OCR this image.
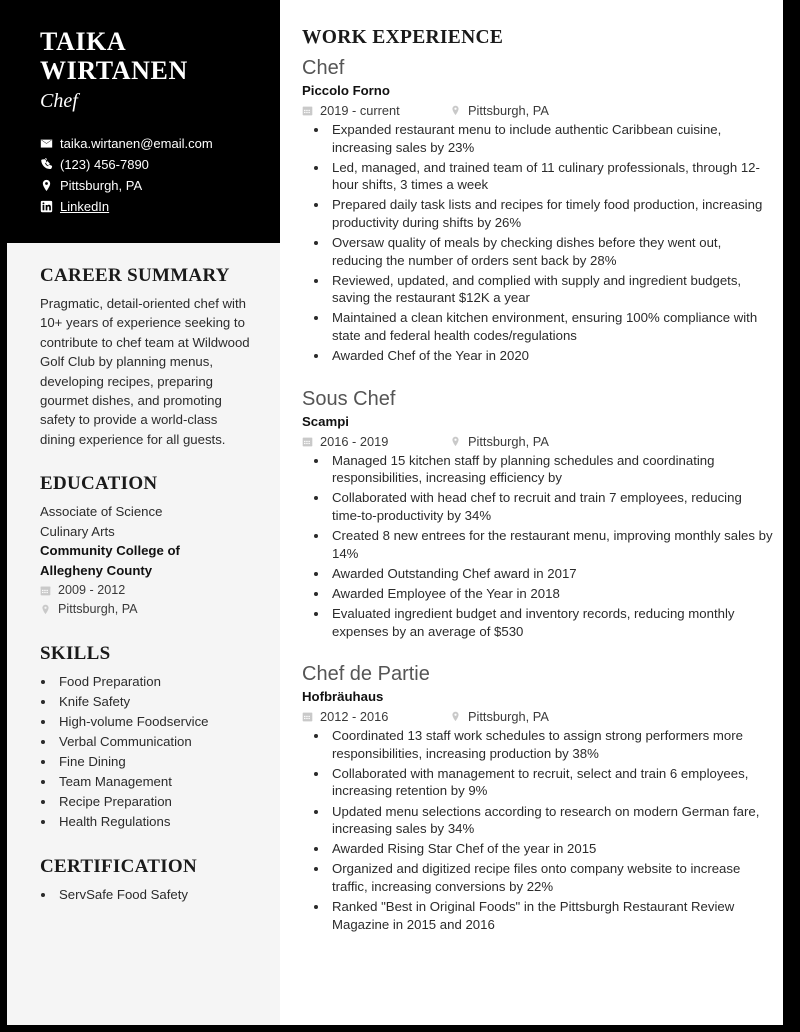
TAIKA
WIRTANEN
Chef
taika.wirtanen@email.com
(123) 456-7890
Pittsburgh, PA
LinkedIn
CAREER SUMMARY

Pragmatic, detail-oriented chef with 10+ years of experience seeking to contribute to chef team at Wildwood Golf Club by planning menus, developing recipes, preparing gourmet dishes, and promoting safety to provide a world-class dining experience for all guests.

EDUCATION
Associate of Science
Culinary Arts
Community College of
Allegheny County
2009 - 2012
Pittsburgh, PA
SKILLS
• Food Preparation
• Knife Safety
• High-volume Foodservice
• Verbal Communication
• Fine Dining
• Team Management
• Recipe Preparation
• Health Regulations
CERTIFICATION
• ServSafe Food Safety
WORK EXPERIENCE
Chef
Piccolo Forno
2019 - current	Pittsburgh, PA
• Expanded restaurant menu to include authentic Caribbean cuisine, increasing sales by 23%
• Led, managed, and trained team of 11 culinary professionals, through 12-hour shifts, 3 times a week
• Prepared daily task lists and recipes for timely food production, increasing productivity during shifts by 26%
• Oversaw quality of meals by checking dishes before they went out, reducing the number of orders sent back by 28%
• Reviewed, updated, and complied with supply and ingredient budgets, saving the restaurant $12K a year
• Maintained a clean kitchen environment, ensuring 100% compliance with state and federal health codes/regulations
• Awarded Chef of the Year in 2020
Sous Chef
Scampi
2016 - 2019	Pittsburgh, PA
• Managed 15 kitchen staff by planning schedules and coordinating responsibilities, increasing efficiency by
• Collaborated with head chef to recruit and train 7 employees, reducing time-to-productivity by 34%
• Created 8 new entrees for the restaurant menu, improving monthly sales by 14%
• Awarded Outstanding Chef award in 2017
• Awarded Employee of the Year in 2018
• Evaluated ingredient budget and inventory records, reducing monthly expenses by an average of $530
Chef de Partie
Hofbräuhaus
2012 - 2016	Pittsburgh, PA
• Coordinated 13 staff work schedules to assign strong performers more responsibilities, increasing production by 38%
• Collaborated with management to recruit, select and train 6 employees, increasing retention by 9%
• Updated menu selections according to research on modern German fare, increasing sales by 34%
• Awarded Rising Star Chef of the year in 2015
• Organized and digitized recipe files onto company website to increase traffic, increasing conversions by 22%
• Ranked "Best in Original Foods" in the Pittsburgh Restaurant Review Magazine in 2015 and 2016
